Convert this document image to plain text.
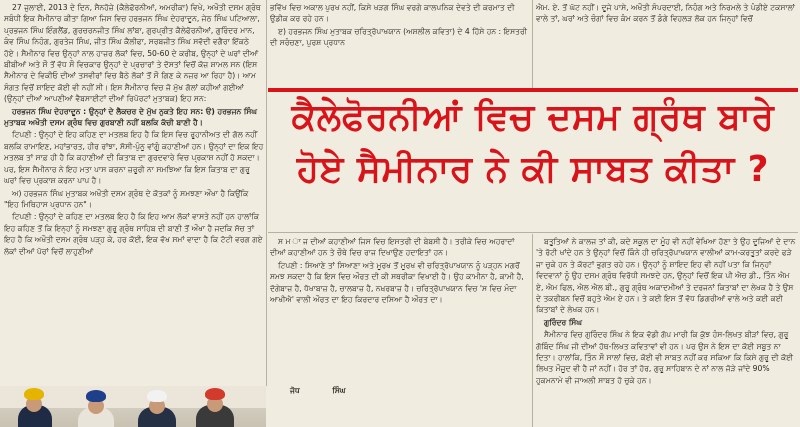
27 ਜੁਲਾਈ, 2013 ਦੇ ਦਿਨ, ਸੈਨਹੋਜ਼ੇ (ਕੈਲੇਫੋਰਨੀਆਂ, ਅਮਰੀਕਾ) ਵਿਖੇ, ਅਖੌਤੀ ਦਸਮ ਗ੍ਰੰਥ ਸਬੰਧੀ ਇਕ ਸੈਮੀਨਾਰ ਕੀਤਾ ਗਿਆ ਜਿਸ ਵਿਚ ਹਰਭਜਨ ਸਿੰਘ ਦੇਹਰਾਦੂਨ, ਜੇਠ ਸਿੰਘ ਪਟਿਆਲਾ, ਪ੍ਰਭਜਨ ਸਿੰਘ ਇੰਗਲੈਂਡ, ਗੁਰਚਰਨਜੀਤ ਸਿੰਘ ਲਾਂਬਾ, ਗੁਰਪ੍ਰੀਤ ਕੈਲੇਫੋਰਨੀਆਂ, ਗੁਰਿੰਦਰ ਮਾਨ, ਕੰਵ ਸਿੰਘ ਨਿਹੰਗ, ਗੁਰਤੇਜ ਸਿੰਘ, ਜੀਤ ਸਿੰਘ ਕੈਲੀਫਾ, ਸਰਬਜੀਤ ਸਿੰਘ ਸਵੱਦੀ ਵਗੈਰਾ ਇੱਕਠੇ ਹੋਏ। ਸੈਮੀਨਾਰ ਵਿਚ ਉਨ੍ਹਾਂ ਨਾਲ ਹਾਜ਼ਰ ਲੋਕਾਂ ਵਿਚ, 50-60 ਦੇ ਕਰੀਬ, ਉਨ੍ਹਾਂ ਦੇ ਘਰਾਂ ਦੀਆਂ ਬੀਬੀਆਂ ਅਤੇ ਸੌ ਤੋਂ ਵੱਧ ਸੌ ਵਿਚਕਾਰ ਉਨ੍ਹਾਂ ਦੇ ਪ੍ਰਚਾਰਾਂ ਤੇ ਦੋਸਤਾਂ ਵਿਚੋਂ ਕੋਜ਼ ਸ਼ਾਮਲ ਸਨ (ਇਸ ਸੈਮੀਨਾਰ ਦੇ ਵਿਕੀਓ ਦੀਆਂ ਤਸਵੀਰਾਂ ਵਿਚ ਬੈਠੇ ਲੋਕਾਂ ਤੋਂ ਸੌ ਗਿਣ ਕੇ ਨਜ਼ਰ ਆ ਰਿਹਾ ਹੈ)। ਆਮ ਸੰਗਤ ਵਿਚੋਂ ਸ਼ਾਇਦ ਕੋਈ ਵੀ ਨਹੀਂ ਸੀ। ਇਸ ਸੈਮੀਨਾਰ ਵਿਚ ਜੋ ਮੁੱਖ ਗੱਲਾਂ ਕਹੀਆਂ ਗਈਆਂ (ਉਨ੍ਹਾਂ ਦੀਆਂ ਆਪਣੀਆਂ ਵੈਬਸਾਈਟਾਂ ਦੀਆਂ ਰਿਪੋਰਟਾਂ ਮੁਤਾਬਕ) ਇਹ ਸਨ:

ਹਰਭਜਨ ਸਿੰਘ ਦੇਹਰਾਦੂਨ : ਉਨ੍ਹਾਂ ਦੇ ਲੈਕਚਰ ਦੇ ਮੁੱਖ ਨੁਕਤੇ ਇਹ ਸਨ: ੳ) ਹਰਭਜਨ ਸਿੰਘ ਮੁਤਾਬਕ ਅਖੌਤੀ ਦਸਮ ਗ੍ਰੰਥ ਵਿਚ ਗੁਰਬਾਣੀ ਨਹੀਂ ਬਲਕਿ ਕੱਚੀ ਬਾਣੀ ਹੈ।

ਟਿਪਣੀ : ਉਨ੍ਹਾਂ ਦੇ ਇਹ ਕਹਿਣ ਦਾ ਮਤਲਬ ਇਹ ਹੈ ਕਿ ਇਸ ਵਿਚ ਰੂਹਾਨੀਅਤ ਦੀ ਗੱਲ ਨਹੀਂ ਬਲਕਿ ਰਾਮਾਇਣ, ਮਹਾਂਭਾਰਤ, ਹੀਰ ਰਾਂਝਾ, ਸੱਸੀ-ਪੁੰਨੂ ਵਾਂਗੂੰ ਕਹਾਣੀਆਂ ਹਨ। ਉਨ੍ਹਾਂ ਦਾ ਇਕ ਇਹ ਮਤਲਬ ਤਾਂ ਸਾਫ਼ ਹੀ ਹੈ ਕਿ ਕਹਾਣੀਆਂ ਦੀ ਕਿਤਾਬ ਦਾ ਗੁਰਦਵਾਰੇ ਵਿਚ ਪ੍ਰਕਾਸ਼ ਨਹੀਂ ਹੋ ਸਕਦਾ। ਪਰ, ਇਸ ਸੈਮੀਨਾਰ ਨੇ ਇਹ ਮਤਾ ਪਾਸ ਕਰਨਾ ਜ਼ਰੂਰੀ ਨਾ ਸਮਝਿਆ ਕਿ ਇਸ ਕਿਤਾਬ ਦਾ ਗੁਰੂ ਘਰਾਂ ਵਿਚ ਪ੍ਰਕਾਸ਼ ਕਰਨਾ ਪਾਪ ਹੈ।

ਅ) ਹਰਭਜਨ ਸਿੰਘ ਮੁਤਾਬਕ ਅਖੌਤੀ ਦਸਮ ਗ੍ਰੰਥ ਦੇ ਕੋਤਕਾਂ ਨੂੰ ਸਮਝਣਾ ਔਖਾ ਹੈ ਕਿਉਂਕਿ "ਇਹ ਮਿਥਿਹਾਸ ਪ੍ਰਧਾਨ ਹਨ"।

ਟਿਪਣੀ : ਉਨ੍ਹਾਂ ਦੇ ਕਹਿਣ ਦਾ ਮਤਲਬ ਇਹ ਹੈ ਕਿ ਇਹ ਆਮ ਲੋਕਾਂ ਵਾਸਤੇ ਨਹੀਂ ਹਨ ਹਾਲਾਂਕਿ ਇਹ ਕਹਿਣ ਤੋਂ ਕਿ ਇਨ੍ਹਾਂ ਨੂੰ ਸਮਝਣਾ ਗੁਰੂ ਗ੍ਰੰਥ ਸਾਹਿਬ ਦੀ ਬਾਣੀ ਤੋਂ ਔਖਾ ਹੈ ਜਦਕਿ ਸੱਚ ਤਾਂ ਇਹ ਹੈ ਕਿ ਅਖੌਤੀ ਦਸਮ ਗ੍ਰੰਥ ਪੜ੍ਹ ਕੇ, ਹਰ ਕੋਈ, ਇਕ ਵੱਖ ਸਮਾਂ ਵਾਦਾ ਹੈ ਕਿ ਟੱਟੀ ਵਰਗ ਗਏ ਲੋਕਾਂ ਦੀਆਂ ਪੋਰਾਂ ਵਿਚੋਂ ਲਾਹੁਣੀਆਂ

ਭਵਿੱਖ ਵਿਚ ਅਕਾਲ ਪੁਰਖ ਨਹੀਂ, ਕਿਸੇ ਖੜਗ ਸਿੰਘ ਵਰਗੇ ਕਾਲਪਨਿਕ ਦੇਵਤੇ ਦੀ ਕਰਮਾਤ ਦੀ ਉਡੀਕ ਕਰ ਰਹੇ ਹਨ।

ੲ) ਹਰਭਜਨ ਸਿੰਘ ਮੁਤਾਬਕ ਚਰਿਤ੍ਰੋਪਾਖਯਾਨ (ਅਸ਼ਲੀਲ ਕਵਿਤਾ) ਦੇ 4 ਹਿੱਸੇ ਹਨ : ਇਸਤਰੀ ਦੀ ਸਰੰਚਣਾ, ਪੁਰਸ਼ ਪ੍ਰਧਾਨ

ਐਮ. ਏ. ਤੋਂ ਘੱਟ ਨਹੀਂ। ਦੂਜੇ ਪਾਸੇ, ਅਖੌਤੀ ਸੰਪਰਦਾਈ, ਨਿਹੰਗ ਅਤੇ ਨਿਰਮਲੇ ਤੇ ਪੰਡੀਏ ਟਕਸਾਲਾਂ ਵਾਲੇ ਤਾਂ, ਘਰਾਂ ਅਤੇ ਚੰਗਾਂ ਵਿਚ ਕੰਮ ਕਰਨ ਤੋਂ ਡੰਗੇ ਵਿਹਲੜ ਲੋਕ ਹਨ ਜਿਨ੍ਹਾਂ ਵਿਚੋਂ

ਕੈਲੇਫੋਰਨੀਆਂ ਵਿਚ ਦਸਮ ਗ੍ਰੰਥ ਬਾਰੇ
ਹੋਏ ਸੈਮੀਨਾਰ ਨੇ ਕੀ ਸਾਬਤ ਕੀਤਾ ?

ਸ ਮ ਾ ਜ ਦੀਆਂ ਕਹਾਣੀਆਂ ਜਿਸ ਵਿਚ ਇਸਤਰੀ ਦੀ ਬੇਬਸੀ ਹੈ। ਤਰੀਕੇ ਵਿਚ ਅਹਰਾਦਾਂ ਦੀਆਂ ਕਹਾਣੀਆਂ ਹਨ ਤੇ ਚੌਥੇ ਵਿਚ ਰਾਜ ਦਿਖਾਉਣ ਹਦਾਇਤਾਂ ਹਨ।

ਟਿਪਣੀ : ਸਿਆਣੇ ਤਾਂ ਸਿਆਣਾ ਅਤੇ ਮੂਰਖ ਤੋਂ ਮੂਰਖ ਵੀ ਚਰਿਤ੍ਰੋਪਾਖਯਾਨ ਨੂੰ ਪੜ੍ਹਨ ਮਗਰੋਂ ਸਮਝ ਸਕਦਾ ਹੈ ਕਿ ਇਸ ਵਿਚ ਔਰਤ ਦੀ ਕੀ ਸਥਰੀਕਾ ਵਿਖਾਈ ਹੈ। ਉਹ ਕਾਮੀਨਾ ਹੈ, ਕਾਮੀ ਹੈ, ਦੱਗੇਬਾਜ਼ ਹੈ, ਧੋਖਾਬਾਜ਼ ਹੈ, ਚਾਲਬਾਜ਼ ਹੈ, ਨਖ਼ਰਬਾਜ਼ ਹੈ। ਚਰਿਤ੍ਰੋਪਾਖਯਾਨ ਵਿਚ 'ਸ ਵਿਚ ਮੰਦਾ ਆਖੀਐ' ਵਾਲੀ ਔਰਤ ਦਾ ਇਹ ਕਿਰਦਾਰ ਦਸਿਆ ਹੈ ਔਰਤ ਦਾ।

ਜੋਧ	ਸਿੰਘ

ਬਤੂਤਿਆਂ ਨੇ ਕਾਲਜ ਤਾਂ ਕੀ, ਕਦੇ ਸਕੂਲ ਦਾ ਮੂੰਹ ਵੀ ਨਹੀਂ ਵੇਖਿਆ ਹੋਣਾ ਤੇ ਉਹ ਦੂਜਿਆਂ ਦੇ ਦਾਨ 'ਤੇ ਰੋਟੀ ਖਾਂਦੇ ਹਨ ਤੇ ਉਨ੍ਹਾਂ ਵਿਚੋਂ ਕਿੰਨੇ ਹੀ ਚਰਿਤ੍ਰੋਪਾਖਯਾਨ ਵਾਲੀਆਂ ਕਾਮ-ਕਰਤੂਤਾਂ ਕਰਦੇ ਫੜੇ ਜਾ ਚੁਕੇ ਹਨ ਤੇ ਕੋਰਟਾਂ ਭੁਗਤ ਰਹੇ ਹਨ। ਉਨ੍ਹਾਂ ਨੂੰ ਸ਼ਾਇਦ ਇਹ ਵੀ ਨਹੀਂ ਪਤਾ ਕਿ ਜਿਨ੍ਹਾਂ ਵਿਦਵਾਨਾਂ ਨੂੰ ਉਹ ਦਸਮ ਗ੍ਰੰਥ ਵਿਰੋਧੀ ਸਮਝਦੇ ਹਨ, ਉਨ੍ਹਾਂ ਵਿਚੋਂ ਇਕ ਪੀ ਐਚ ਡੀ., ਤਿੰਨ ਐਮ ਏ, ਐਮ ਫਿਲ, ਐਲ ਐਲ ਬੀ., ਗੁਰੂ ਗ੍ਰੰਥ ਅਕਾਦਮੀਆਂ ਤੇ ਦਰਜਨਾਂ ਕਿਤਾਬਾਂ ਦਾ ਲੇਖਕ ਹੈ ਤੇ ਉਸ ਦੇ ਤਕਰੀਬਨ ਵਿਚੋਂ ਬਹੁਤੇ ਐਮ ਏ ਹਨ। ਤੇ ਕਈ ਇਸ ਤੋਂ ਵੱਧ ਡਿਗਰੀਆਂ ਵਾਲੇ ਅਤੇ ਕਈ ਕਈ ਕਿਤਾਬਾਂ ਦੇ ਲੇਖਕ ਹਨ।

ਗੁਰਿੰਦਰ ਸਿੰਘ

ਸੈਮੀਨਾਰ ਵਿਚ ਗੁਰਿੰਦਰ ਸਿੰਘ ਨੇ ਇਕ ਵੱਡੀ ਗੱਪ ਮਾਰੀ ਕਿ ਕੁੱਝ ਹੰਸ-ਲਿਖਤ ਬੀੜਾਂ ਵਿਚ, ਗੁਰੂ ਗੋਬਿੰਦ ਸਿੰਘ ਜੀ ਦੀਆਂ ਹੱਥ-ਲਿਖਤ ਕਵਿਤਾਵਾਂ ਵੀ ਹਨ। ਪਰ ਉਸ ਨੇ ਇਸ ਦਾ ਕੋਈ ਸਬੂਤ ਨਾ ਦਿਤਾ। ਹਾਲਾਂਕਿ, ਤਿੰਨ ਸੌ ਸਾਲਾਂ ਵਿਚ, ਕੋਈ ਵੀ ਸਾਬਤ ਨਹੀਂ ਕਰ ਸਕਿਆ ਕਿ ਕਿਸੇ ਗੁਰੂ ਦੀ ਕੋਈ ਲਿਖਤ ਮੌਜੂਦ ਵੀ ਹੈ ਜਾਂ ਨਹੀਂ। ਹੋਰ ਤਾਂ ਹੋਰ, ਗੁਰੂ ਸਾਹਿਬਾਨ ਦੇ ਨਾਂ ਨਾਲ ਜੋੜੇ ਜਾਂਦੇ 90% ਹੁਕਮਨਾਮੇ ਵੀ ਜਾਅਲੀ ਸਾਬਤ ਹੋ ਚੁਕੇ ਹਨ।
